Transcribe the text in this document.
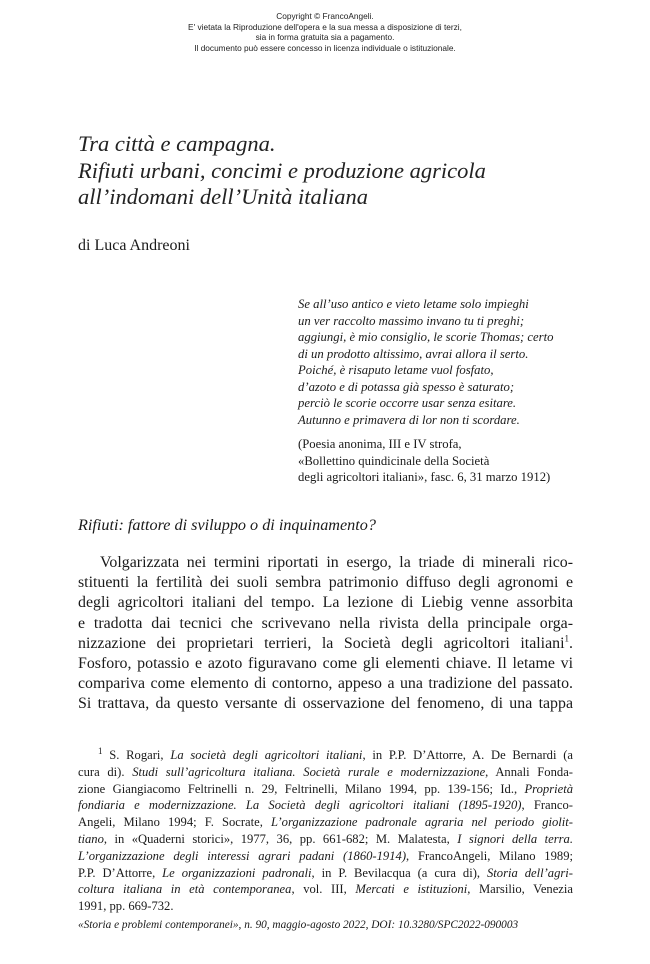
Copyright © FrancoAngeli.
E' vietata la Riproduzione dell'opera e la sua messa a disposizione di terzi,
sia in forma gratuita sia a pagamento.
Il documento può essere concesso in licenza individuale o istituzionale.
Tra città e campagna.
Rifiuti urbani, concimi e produzione agricola
all’indomani dell’Unità italiana
di Luca Andreoni
Se all’uso antico e vieto letame solo impieghi
un ver raccolto massimo invano tu ti preghi;
aggiungi, è mio consiglio, le scorie Thomas; certo
di un prodotto altissimo, avrai allora il serto.
Poiché, è risaputo letame vuol fosfato,
d’azoto e di potassa già spesso è saturato;
perciò le scorie occorre usar senza esitare.
Autunno e primavera di lor non ti scordare.
(Poesia anonima, III e IV strofa,
«Bollettino quindicinale della Società
degli agricoltori italiani», fasc. 6, 31 marzo 1912)
Rifiuti: fattore di sviluppo o di inquinamento?
Volgarizzata nei termini riportati in esergo, la triade di minerali rico-
stituenti la fertilità dei suoli sembra patrimonio diffuso degli agronomi e
degli agricoltori italiani del tempo. La lezione di Liebig venne assorbita
e tradotta dai tecnici che scrivevano nella rivista della principale orga-
nizzazione dei proprietari terrieri, la Società degli agricoltori italiani$^1$.
Fosforo, potassio e azoto figuravano come gli elementi chiave. Il letame vi
compariva come elemento di contorno, appeso a una tradizione del passato.
Si trattava, da questo versante di osservazione del fenomeno, di una tappa
$^1$ S. Rogari, La società degli agricoltori italiani, in P.P. D’Attorre, A. De Bernardi (a
cura di). Studi sull’agricoltura italiana. Società rurale e modernizzazione, Annali Fonda-
zione Giangiacomo Feltrinelli n. 29, Feltrinelli, Milano 1994, pp. 139-156; Id., Proprietà
fondiaria e modernizzazione. La Società degli agricoltori italiani (1895-1920), Franco-
Angeli, Milano 1994; F. Socrate, L’organizzazione padronale agraria nel periodo giolit-
tiano, in «Quaderni storici», 1977, 36, pp. 661-682; M. Malatesta, I signori della terra.
L’organizzazione degli interessi agrari padani (1860-1914), FrancoAngeli, Milano 1989;
P.P. D’Attorre, Le organizzazioni padronali, in P. Bevilacqua (a cura di), Storia dell’agri-
coltura italiana in età contemporanea, vol. III, Mercati e istituzioni, Marsilio, Venezia
1991, pp. 669-732.
«Storia e problemi contemporanei», n. 90, maggio-agosto 2022, DOI: 10.3280/SPC2022-090003
